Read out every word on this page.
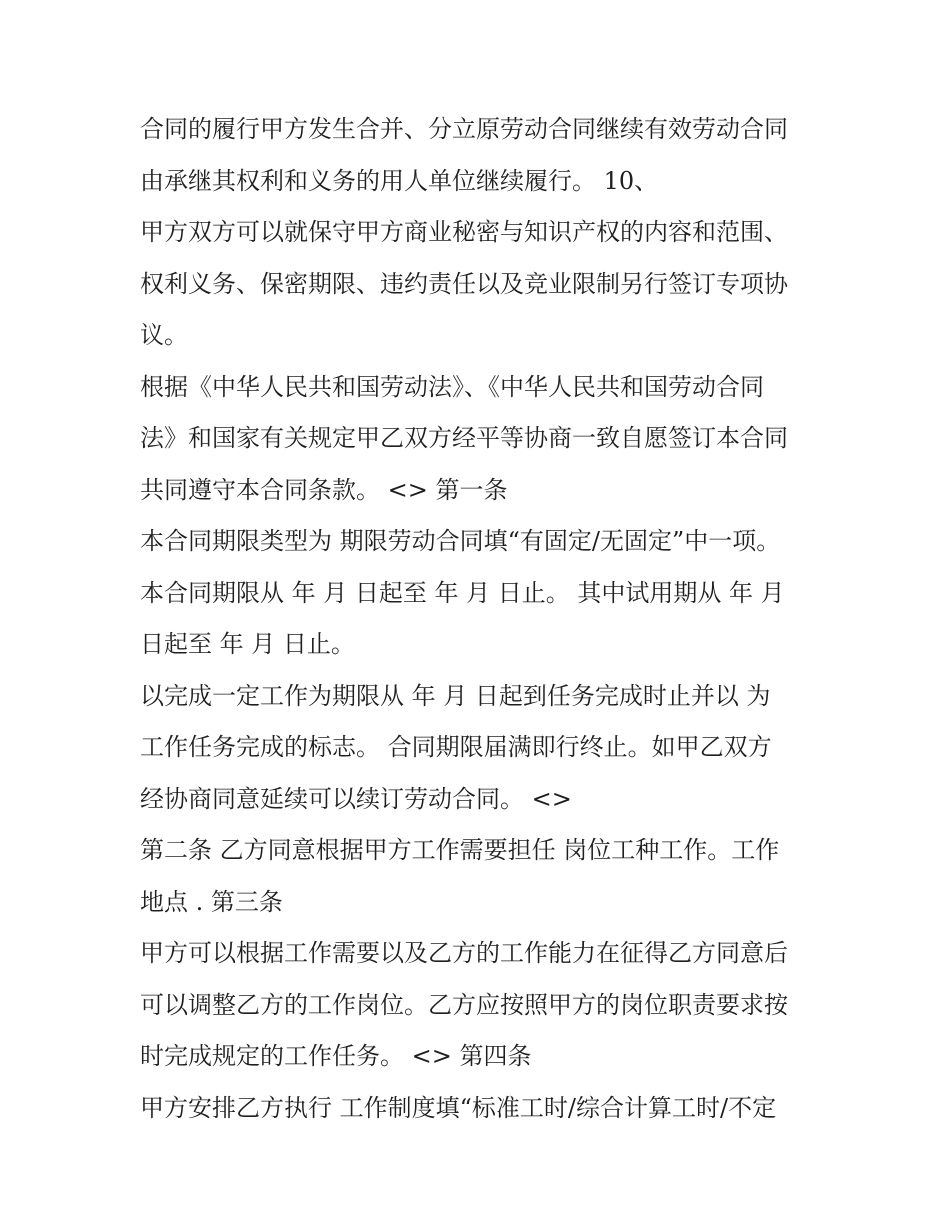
合同的履行甲方发生合并、分立原劳动合同继续有效劳动合同
由承继其权利和义务的用人单位继续履行。 10、
甲方双方可以就保守甲方商业秘密与知识产权的内容和范围、
权利义务、保密期限、违约责任以及竞业限制另行签订专项协
议。
根据《中华人民共和国劳动法》、《中华人民共和国劳动合同
法》和国家有关规定甲乙双方经平等协商一致自愿签订本合同
共同遵守本合同条款。 <> 第一条
本合同期限类型为 期限劳动合同填“有固定/无固定”中一项。
本合同期限从 年 月 日起至 年 月 日止。 其中试用期从 年 月
日起至 年 月 日止。
以完成一定工作为期限从 年 月 日起到任务完成时止并以 为
工作任务完成的标志。 合同期限届满即行终止。如甲乙双方
经协商同意延续可以续订劳动合同。 <>
第二条 乙方同意根据甲方工作需要担任 岗位工种工作。工作
地点 . 第三条
甲方可以根据工作需要以及乙方的工作能力在征得乙方同意后
可以调整乙方的工作岗位。乙方应按照甲方的岗位职责要求按
时完成规定的工作任务。 <> 第四条
甲方安排乙方执行 工作制度填“标准工时/综合计算工时/不定
